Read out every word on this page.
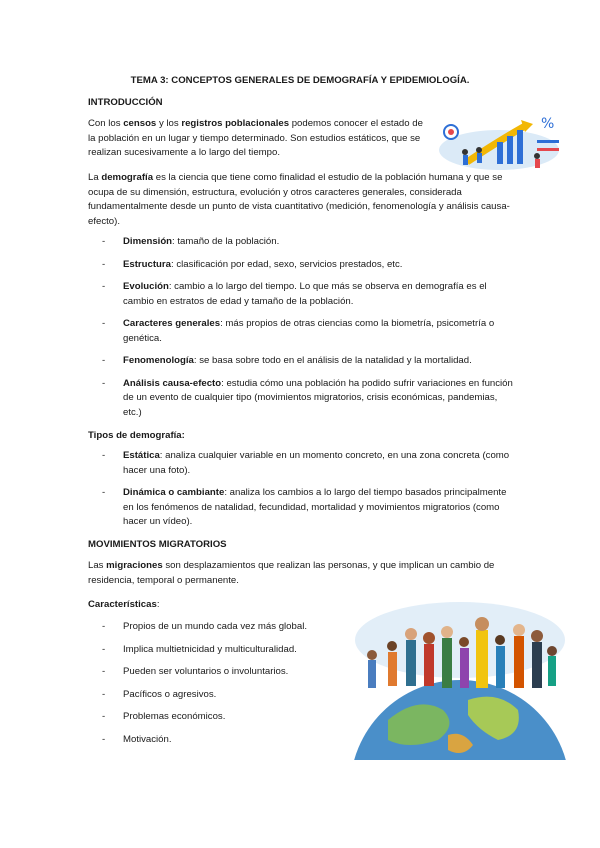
TEMA 3: CONCEPTOS GENERALES DE DEMOGRAFÍA Y EPIDEMIOLOGÍA.
INTRODUCCIÓN
Con los censos y los registros poblacionales podemos conocer el estado de la población en un lugar y tiempo determinado. Son estudios estáticos, que se realizan sucesivamente a lo largo del tiempo.
%
La demografía es la ciencia que tiene como finalidad el estudio de la población humana y que se ocupa de su dimensión, estructura, evolución y otros caracteres generales, considerada fundamentalmente desde un punto de vista cuantitativo (medición, fenomenología y análisis causa-efecto).
- Dimensión: tamaño de la población.
- Estructura: clasificación por edad, sexo, servicios prestados, etc.
- Evolución: cambio a lo largo del tiempo. Lo que más se observa en demografía es el cambio en estratos de edad y tamaño de la población.
- Caracteres generales: más propios de otras ciencias como la biometría, psicometría o genética.
- Fenomenología: se basa sobre todo en el análisis de la natalidad y la mortalidad.
- Análisis causa-efecto: estudia cómo una población ha podido sufrir variaciones en función de un evento de cualquier tipo (movimientos migratorios, crisis económicas, pandemias, etc.)
Tipos de demografía:
- Estática: analiza cualquier variable en un momento concreto, en una zona concreta (como hacer una foto).
- Dinámica o cambiante: analiza los cambios a lo largo del tiempo basados principalmente en los fenómenos de natalidad, fecundidad, mortalidad y movimientos migratorios (como hacer un vídeo).
MOVIMIENTOS MIGRATORIOS
Las migraciones son desplazamientos que realizan las personas, y que implican un cambio de residencia, temporal o permanente.
Características:
- Propios de un mundo cada vez más global.
- Implica multietnicidad y multiculturalidad.
- Pueden ser voluntarios o involuntarios.
- Pacíficos o agresivos.
- Problemas económicos.
- Motivación.
